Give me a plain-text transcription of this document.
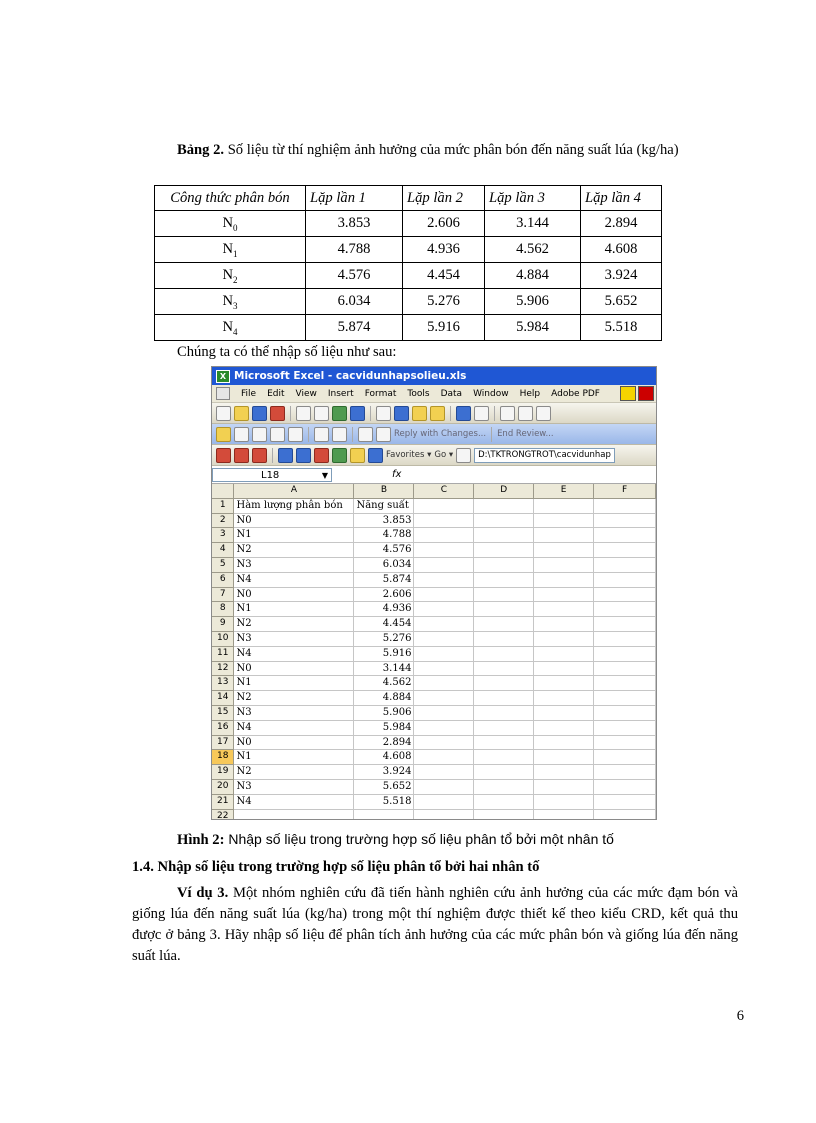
Bảng 2. Số liệu từ thí nghiệm ảnh hưởng của mức phân bón đến năng suất lúa (kg/ha)
Công thức phân bón	Lặp lần 1	Lặp lần 2	Lặp lần 3	Lặp lần 4
$N_0$	3.853	2.606	3.144	2.894
$N_1$	4.788	4.936	4.562	4.608
$N_2$	4.576	4.454	4.884	3.924
$N_3$	6.034	5.276	5.906	5.652
$N_4$	5.874	5.916	5.984	5.518
Chúng ta có thể nhập số liệu như sau:
X Microsoft Excel - cacvidunhapsolieu.xls
File Edit View Insert Format Tools Data Window Help Adobe PDF
Reply with Changes... End Review...
Favorites ▾ Go ▾	D:\TKTRONGTROT\cacvidunhap
L18	▼	fx
	A	B	C	D	E	F
1	Hàm lượng phân bón	Năng suất				
2	N0	3.853				
3	N1	4.788				
4	N2	4.576				
5	N3	6.034				
6	N4	5.874				
7	N0	2.606				
8	N1	4.936				
9	N2	4.454				
10	N3	5.276				
11	N4	5.916				
12	N0	3.144				
13	N1	4.562				
14	N2	4.884				
15	N3	5.906				
16	N4	5.984				
17	N0	2.894				
18	N1	4.608				
19	N2	3.924				
20	N3	5.652				
21	N4	5.518				
22						
Hình 2: Nhập số liệu trong trường hợp số liệu phân tổ bởi một nhân tố
1.4. Nhập số liệu trong trường hợp số liệu phân tổ bởi hai nhân tố
Ví dụ 3. Một nhóm nghiên cứu đã tiến hành nghiên cứu ảnh hưởng của các mức đạm bón và giống lúa đến năng suất lúa (kg/ha) trong một thí nghiệm được thiết kế theo kiểu CRD, kết quả thu được ở bảng 3. Hãy nhập số liệu để phân tích ảnh hưởng của các mức phân bón và giống lúa đến năng suất lúa.
6
